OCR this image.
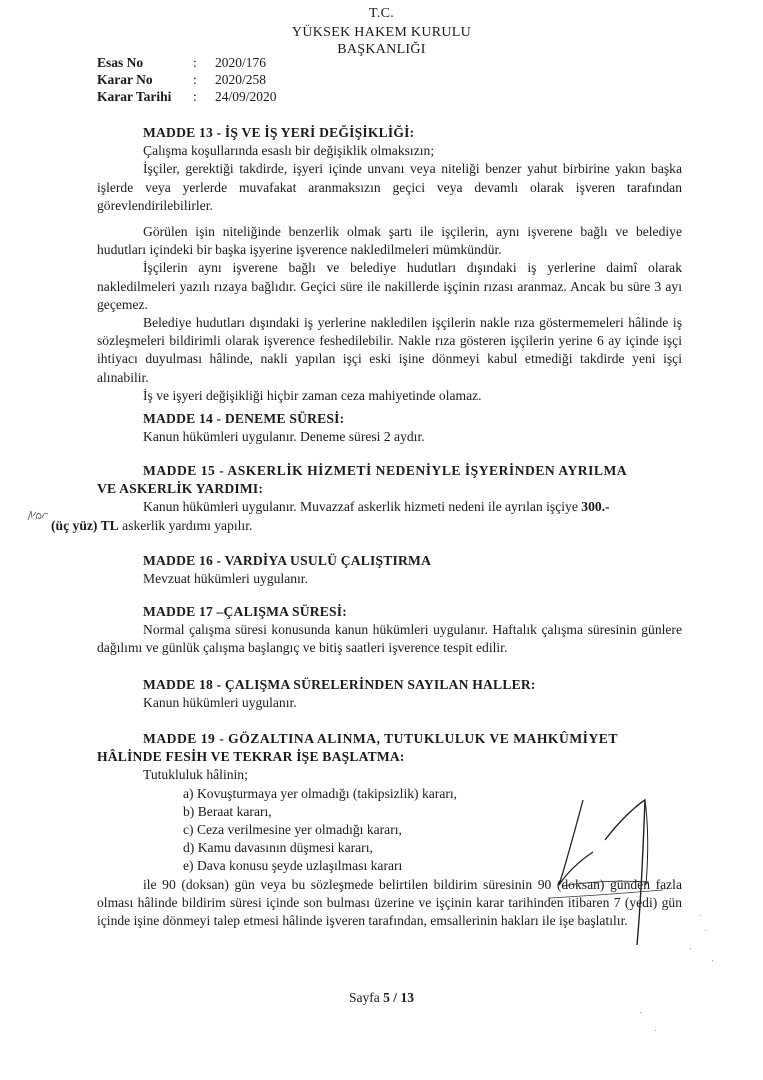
T.C.
YÜKSEK HAKEM KURULU
BAŞKANLIĞI
Esas No	:	2020/176
Karar No	:	2020/258
Karar Tarihi	:	24/09/2020
MADDE 13 - İŞ VE İŞ YERİ DEĞİŞİKLİĞİ:

Çalışma koşullarında esaslı bir değişiklik olmaksızın;

İşçiler, gerektiği takdirde, işyeri içinde unvanı veya niteliği benzer yahut birbirine yakın başka işlerde veya yerlerde muvafakat aranmaksızın geçici veya devamlı olarak işveren tarafından görevlendirilebilirler.

Görülen işin niteliğinde benzerlik olmak şartı ile işçilerin, aynı işverene bağlı ve belediye hudutları içindeki bir başka işyerine işverence nakledilmeleri mümkündür.

İşçilerin aynı işverene bağlı ve belediye hudutları dışındaki iş yerlerine daimî olarak nakledilmeleri yazılı rızaya bağlıdır. Geçici süre ile nakillerde işçinin rızası aranmaz. Ancak bu süre 3 ayı geçemez.

Belediye hudutları dışındaki iş yerlerine nakledilen işçilerin nakle rıza göstermemeleri hâlinde iş sözleşmeleri bildirimli olarak işverence feshedilebilir. Nakle rıza gösteren işçilerin yerine 6 ay içinde işçi ihtiyacı duyulması hâlinde, nakli yapılan işçi eski işine dönmeyi kabul etmediği takdirde yeni işçi alınabilir.

İş ve işyeri değişikliği hiçbir zaman ceza mahiyetinde olamaz.

MADDE 14 - DENEME SÜRESİ:

Kanun hükümleri uygulanır. Deneme süresi 2 aydır.

MADDE 15 - ASKERLİK HİZMETİ NEDENİYLE İŞYERİNDEN AYRILMA
VE ASKERLİK YARDIMI:

Kanun hükümleri uygulanır. Muvazzaf askerlik hizmeti nedeni ile ayrılan işçiye 300.-
(üç yüz) TL askerlik yardımı yapılır.

MADDE 16 - VARDİYA USULÜ ÇALIŞTIRMA

Mevzuat hükümleri uygulanır.

MADDE 17 –ÇALIŞMA SÜRESİ:

Normal çalışma süresi konusunda kanun hükümleri uygulanır. Haftalık çalışma süresinin günlere dağılımı ve günlük çalışma başlangıç ve bitiş saatleri işverence tespit edilir.

MADDE 18 - ÇALIŞMA SÜRELERİNDEN SAYILAN HALLER:

Kanun hükümleri uygulanır.

MADDE 19 - GÖZALTINA ALINMA, TUTUKLULUK VE MAHKÛMİYET
HÂLİNDE FESİH VE TEKRAR İŞE BAŞLATMA:

Tutukluluk hâlinin;

a) Kovuşturmaya yer olmadığı (takipsizlik) kararı,
b) Beraat kararı,
c) Ceza verilmesine yer olmadığı kararı,
d) Kamu davasının düşmesi kararı,
e) Dava konusu şeyde uzlaşılması kararı

ile 90 (doksan) gün veya bu sözleşmede belirtilen bildirim süresinin 90 (doksan) günden fazla olması hâlinde bildirim süresi içinde son bulması üzerine ve işçinin karar tarihinden itibaren 7 (yedi) gün içinde işine dönmeyi talep etmesi hâlinde işveren tarafından, emsallerinin hakları ile işe başlatılır.

Sayfa 5 / 13
